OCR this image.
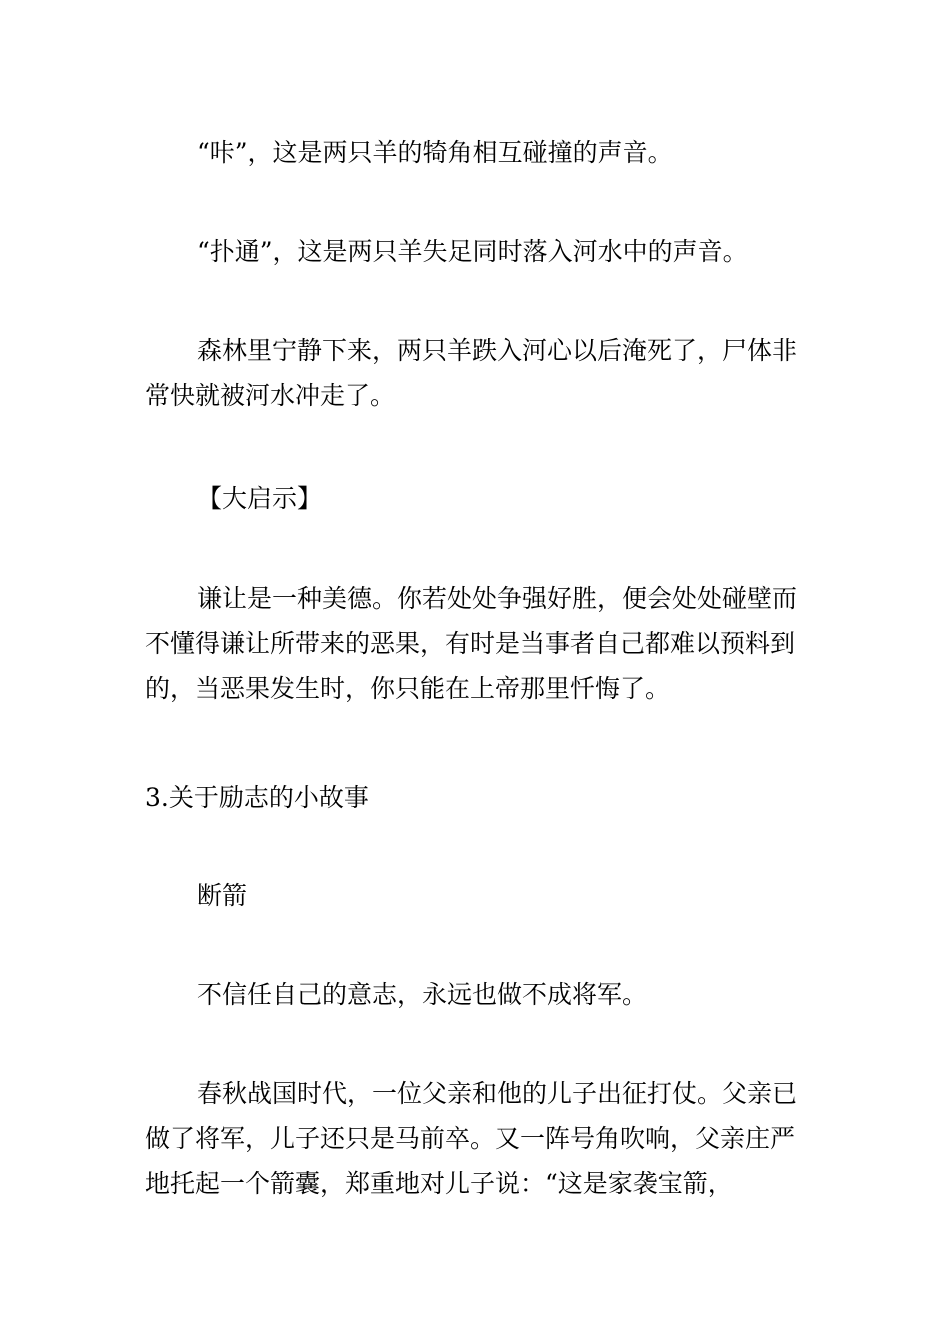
“咔”，这是两只羊的犄角相互碰撞的声音。

“扑通”，这是两只羊失足同时落入河水中的声音。

森林里宁静下来，两只羊跌入河心以后淹死了，尸体非常快就被河水冲走了。

【大启示】

谦让是一种美德。你若处处争强好胜，便会处处碰壁而不懂得谦让所带来的恶果，有时是当事者自己都难以预料到的，当恶果发生时，你只能在上帝那里忏悔了。

3.关于励志的小故事

断箭

不信任自己的意志，永远也做不成将军。

春秋战国时代，一位父亲和他的儿子出征打仗。父亲已做了将军，儿子还只是马前卒。又一阵号角吹响，父亲庄严地托起一个箭囊，郑重地对儿子说：“这是家袭宝箭，
